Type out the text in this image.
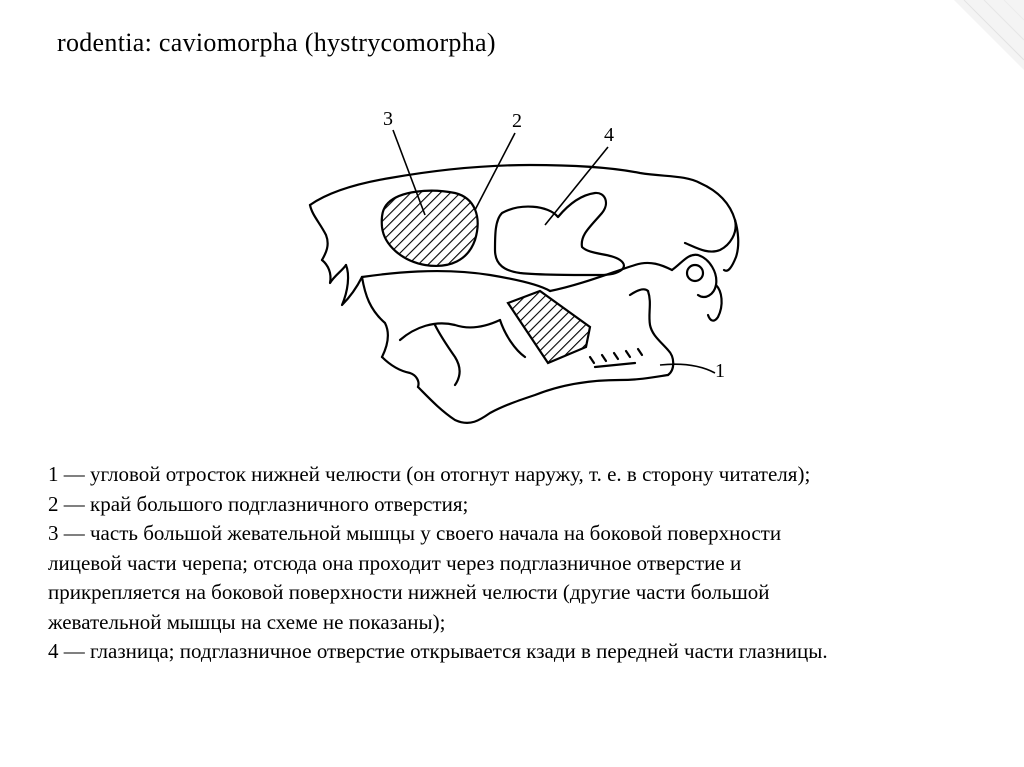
rodentia: caviomorpha (hystrycomorpha)
3	2
4
1
1 — угловой отросток нижней челюсти (он отогнут наружу, т. е. в сторону читателя);
2 — край большого подглазничного отверстия;
3 — часть большой жевательной мышцы у своего начала на боковой поверхности
лицевой части черепа; отсюда она проходит через подглазничное отверстие и
прикрепляется на боковой поверхности нижней челюсти (другие части большой
жевательной мышцы на схеме не показаны);
4 — глазница; подглазничное отверстие открывается кзади в передней части глазницы.
